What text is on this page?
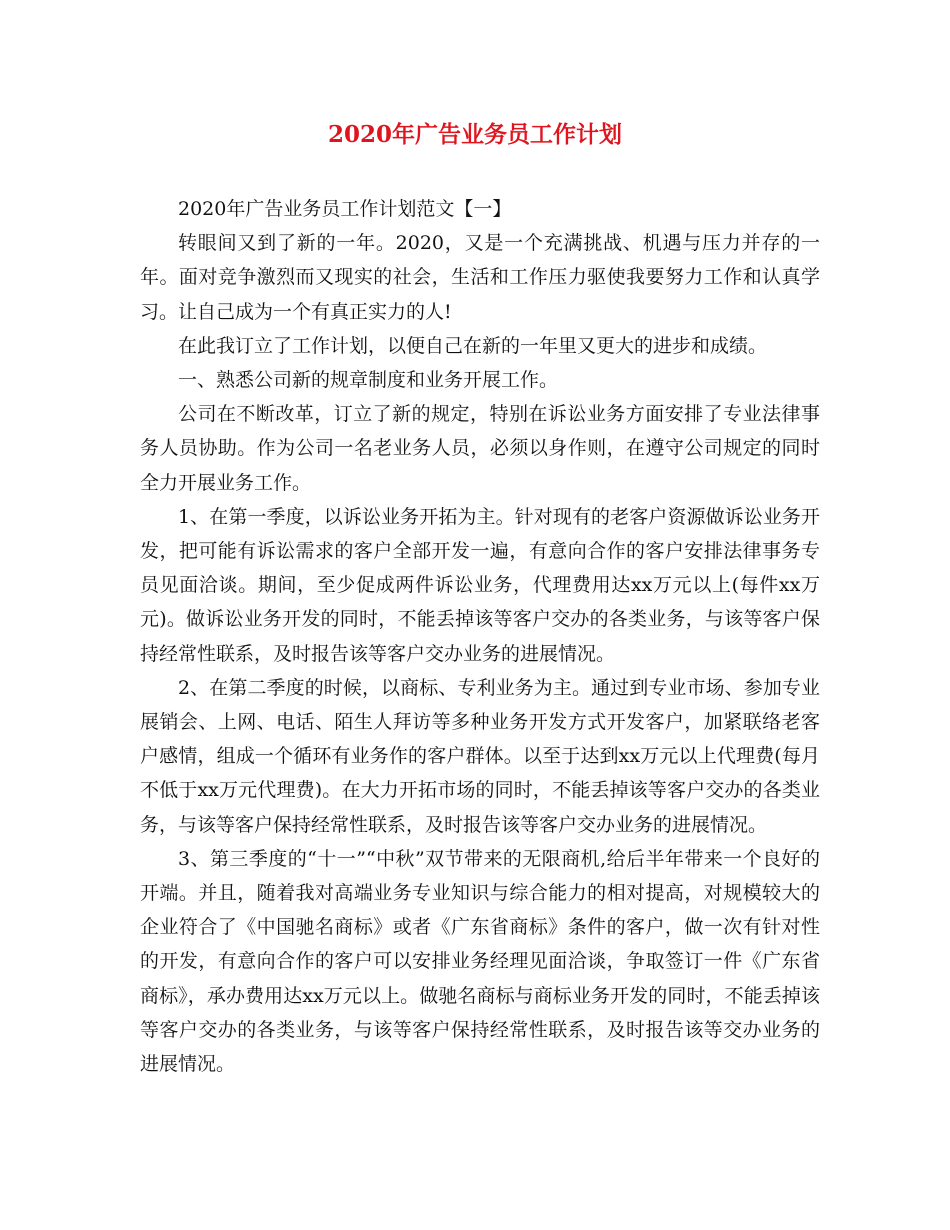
2020年广告业务员工作计划

2020年广告业务员工作计划范文【一】

转眼间又到了新的一年。2020，又是一个充满挑战、机遇与压力并存的一年。面对竞争激烈而又现实的社会，生活和工作压力驱使我要努力工作和认真学习。让自己成为一个有真正实力的人!

在此我订立了工作计划，以便自己在新的一年里又更大的进步和成绩。

一、熟悉公司新的规章制度和业务开展工作。

公司在不断改革，订立了新的规定，特别在诉讼业务方面安排了专业法律事务人员协助。作为公司一名老业务人员，必须以身作则，在遵守公司规定的同时全力开展业务工作。

1、在第一季度，以诉讼业务开拓为主。针对现有的老客户资源做诉讼业务开发，把可能有诉讼需求的客户全部开发一遍，有意向合作的客户安排法律事务专员见面洽谈。期间，至少促成两件诉讼业务，代理费用达xx万元以上(每件xx万元)。做诉讼业务开发的同时，不能丢掉该等客户交办的各类业务，与该等客户保持经常性联系，及时报告该等客户交办业务的进展情况。

2、在第二季度的时候，以商标、专利业务为主。通过到专业市场、参加专业展销会、上网、电话、陌生人拜访等多种业务开发方式开发客户，加紧联络老客户感情，组成一个循环有业务作的客户群体。以至于达到xx万元以上代理费(每月不低于xx万元代理费)。在大力开拓市场的同时，不能丢掉该等客户交办的各类业务，与该等客户保持经常性联系，及时报告该等客户交办业务的进展情况。

3、第三季度的“十一”“中秋”双节带来的无限商机,给后半年带来一个良好的开端。并且，随着我对高端业务专业知识与综合能力的相对提高，对规模较大的企业符合了《中国驰名商标》或者《广东省商标》条件的客户，做一次有针对性的开发，有意向合作的客户可以安排业务经理见面洽谈，争取签订一件《广东省商标》，承办费用达xx万元以上。做驰名商标与商标业务开发的同时，不能丢掉该等客户交办的各类业务，与该等客户保持经常性联系，及时报告该等交办业务的进展情况。
